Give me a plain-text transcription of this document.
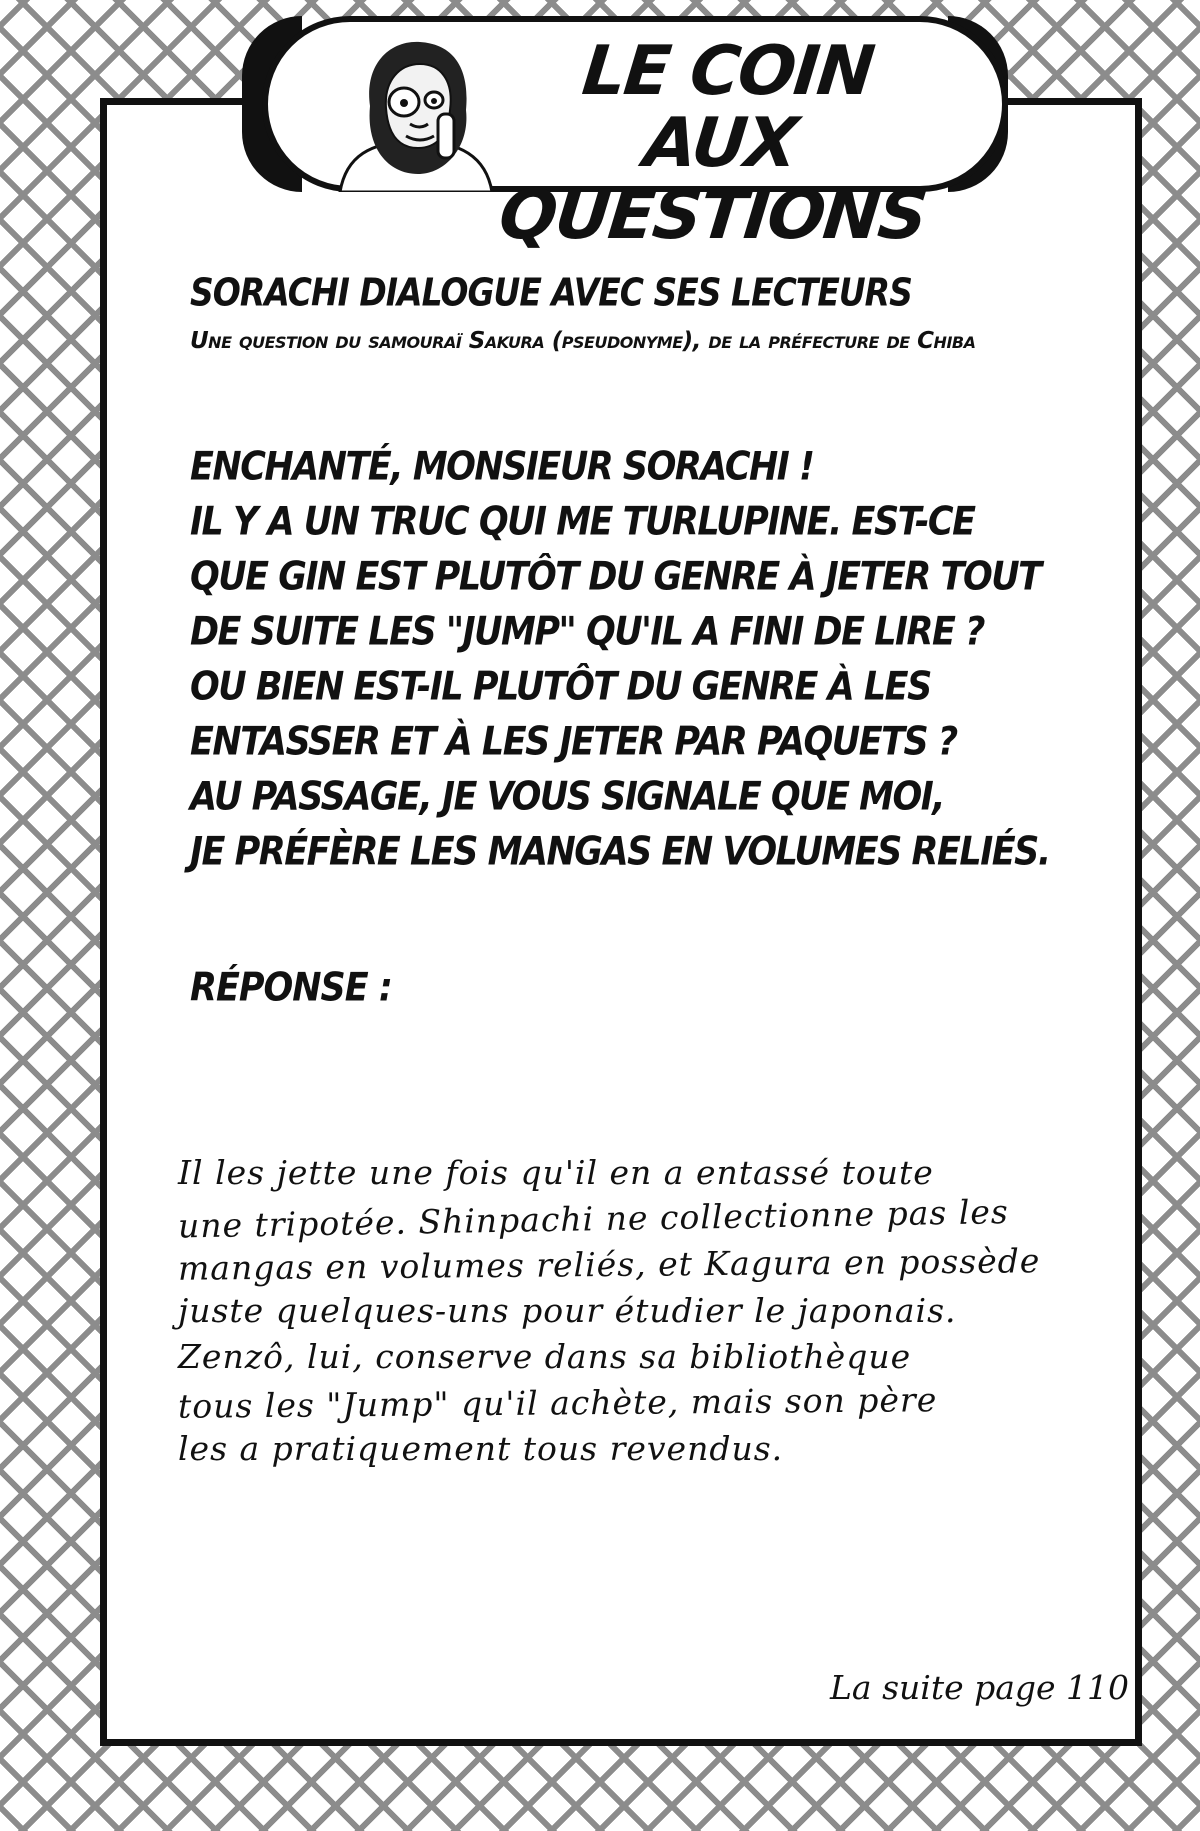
LE COIN
AUX QUESTIONS
SORACHI DIALOGUE AVEC SES LECTEURS
Une question du samouraï Sakura (pseudonyme), de la préfecture de Chiba
ENCHANTÉ, MONSIEUR SORACHI !
IL Y A UN TRUC QUI ME TURLUPINE. EST-CE
QUE GIN EST PLUTÔT DU GENRE À JETER TOUT
DE SUITE LES "JUMP" QU'IL A FINI DE LIRE ?
OU BIEN EST-IL PLUTÔT DU GENRE À LES
ENTASSER ET À LES JETER PAR PAQUETS ?
AU PASSAGE, JE VOUS SIGNALE QUE MOI,
JE PRÉFÈRE LES MANGAS EN VOLUMES RELIÉS.
RÉPONSE :
Il les jette une fois qu'il en a entassé toute
une tripotée. Shinpachi ne collectionne pas les
mangas en volumes reliés, et Kagura en possède
juste quelques-uns pour étudier le japonais.
Zenzô, lui, conserve dans sa bibliothèque
tous les "Jump" qu'il achète, mais son père
les a pratiquement tous revendus.
La suite page 110
